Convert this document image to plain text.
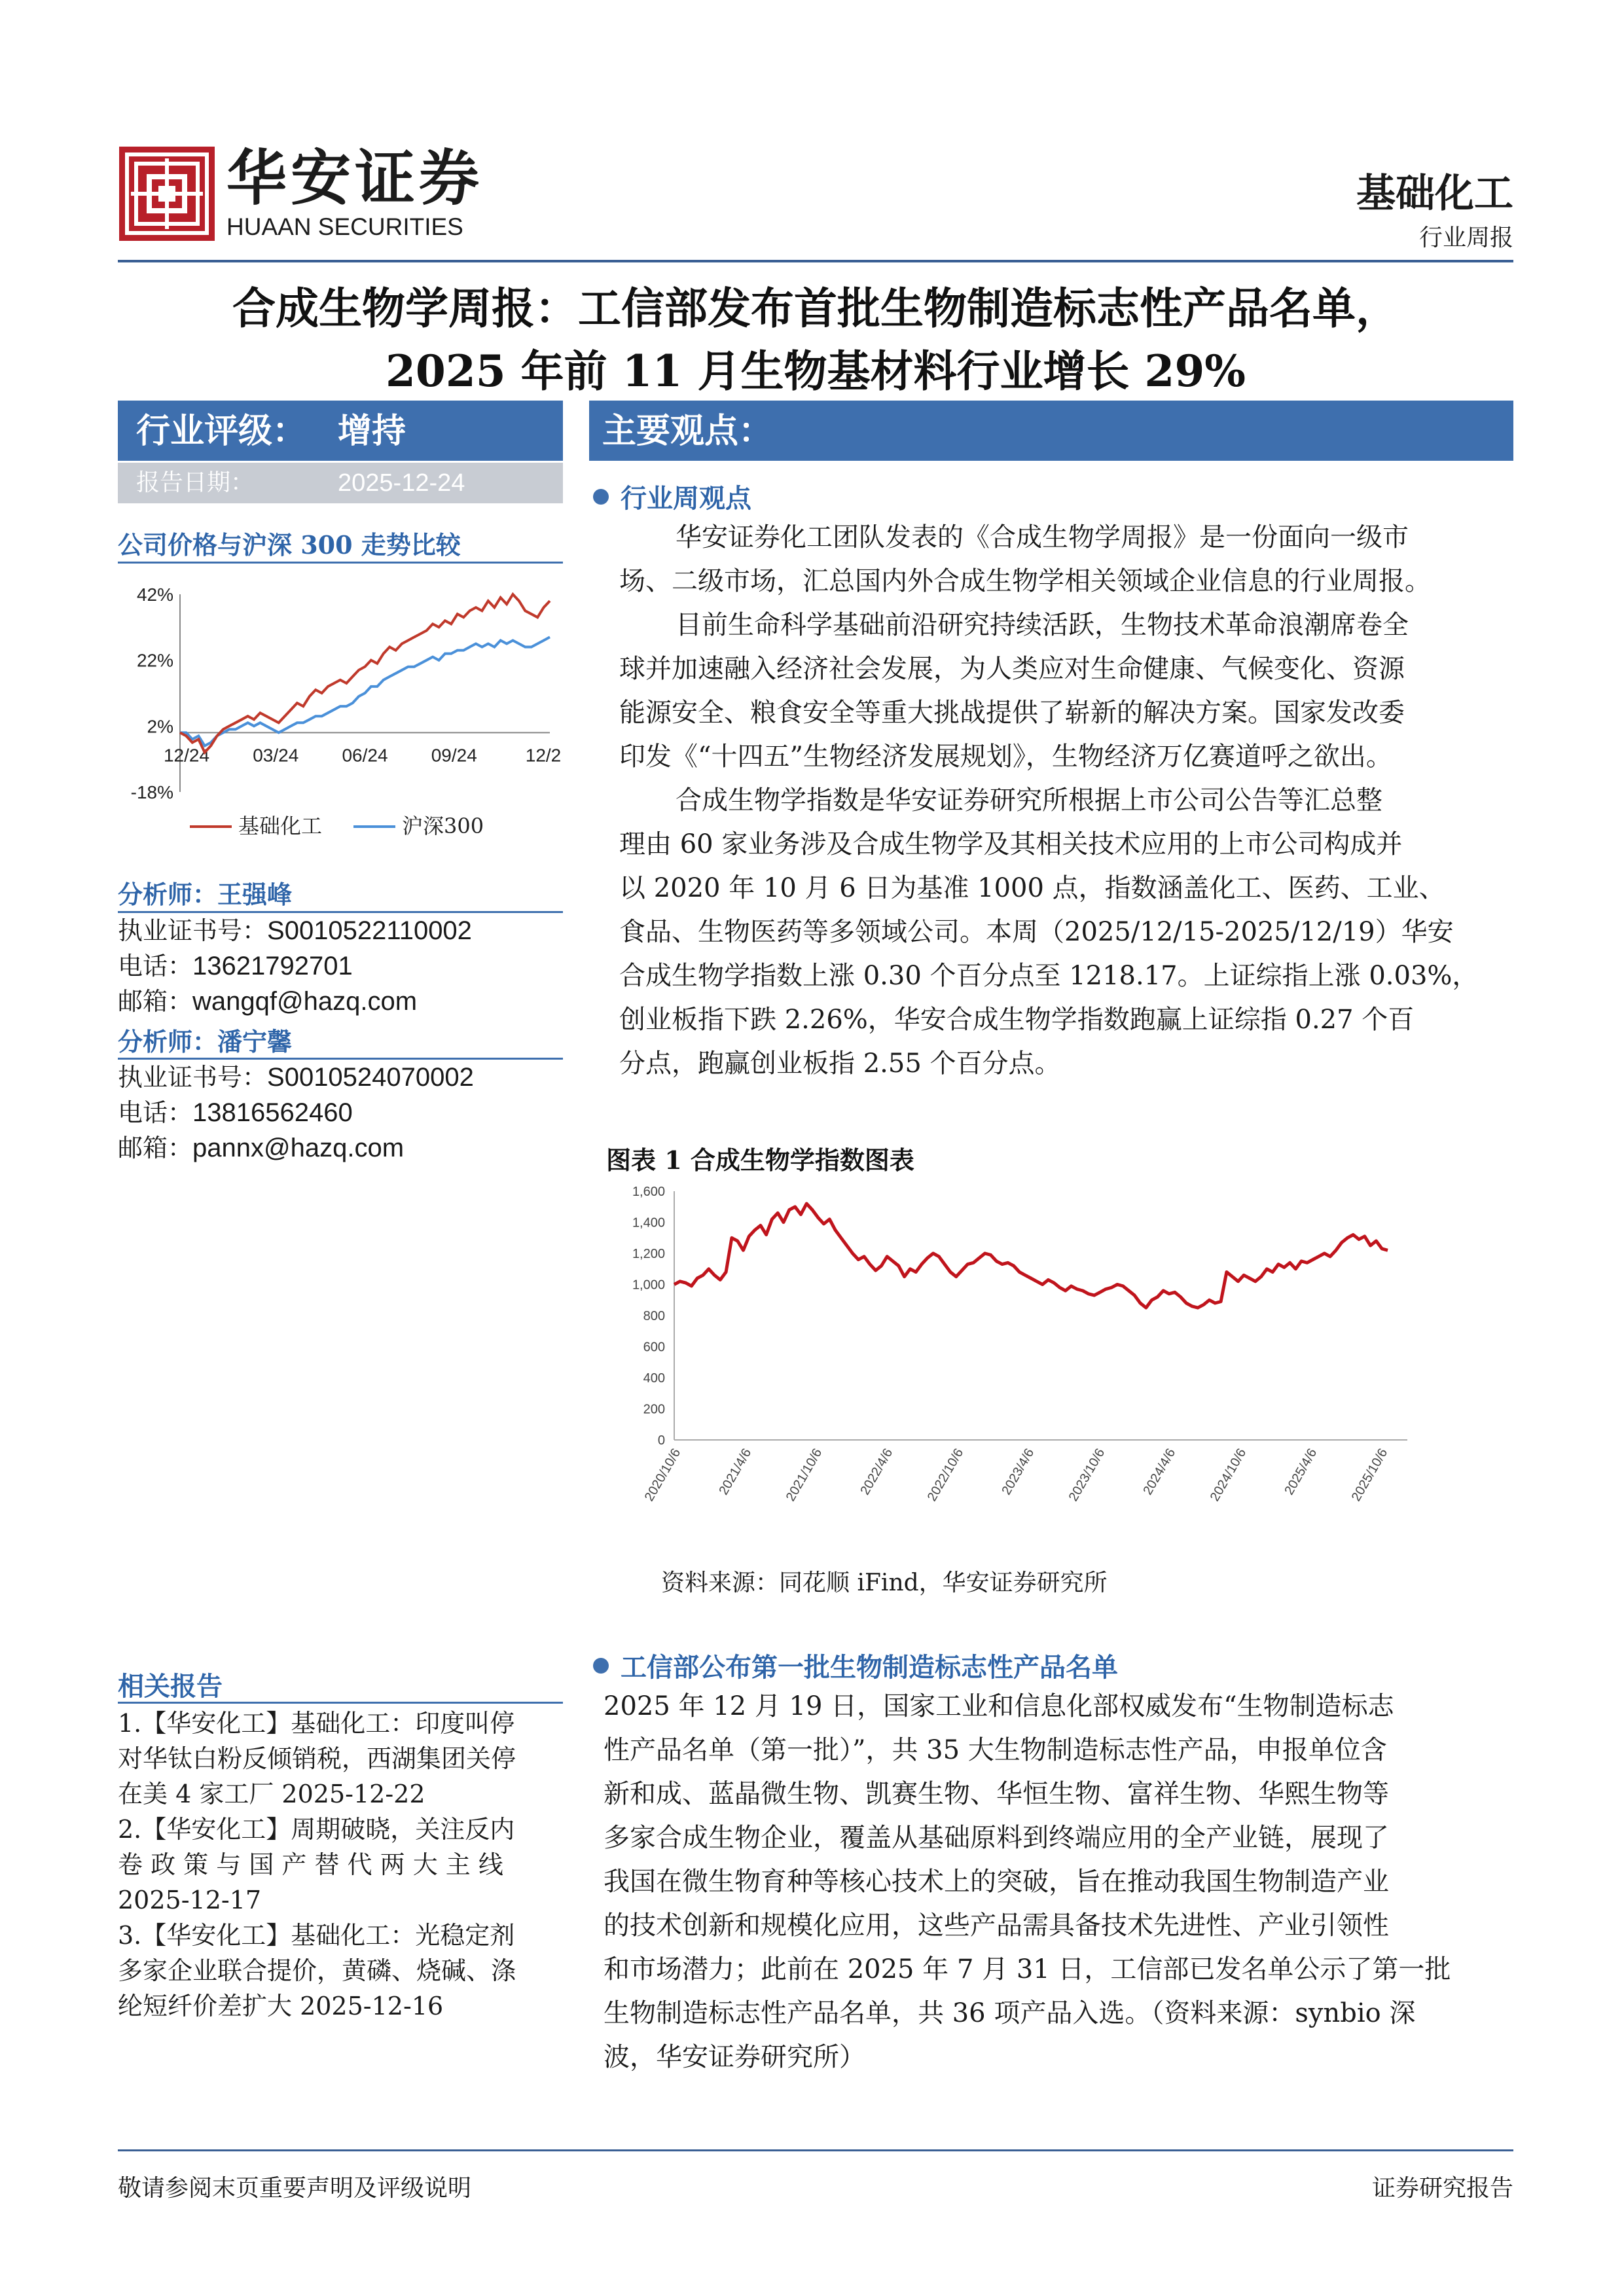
华安证券
HUAAN SECURITIES
基础化工
行业周报
合成生物学周报：工信部发布首批生物制造标志性产品名单，
2025 年前 11 月生物基材料行业增长 29%
行业评级： 增持
报告日期：	2025-12-24
公司价格与沪深 300 走势比较
42%
22%
2%
-18%
12/24 03/24 06/24 09/24	12/2
基础化工	沪深300
分析师：王强峰
执业证书号：S0010522110002
电话：13621792701
邮箱：wangqf@hazq.com
分析师：潘宁馨
执业证书号：S0010524070002
电话：13816562460
邮箱：pannx@hazq.com
相关报告
1.【华安化工】基础化工：印度叫停
对华钛白粉反倾销税，西湖集团关停
在美 4 家工厂 2025-12-22
2.【华安化工】周期破晓，关注反内
卷 政 策 与 国 产 替 代 两 大 主 线
2025-12-17
3.【华安化工】基础化工：光稳定剂
多家企业联合提价，黄磷、烧碱、涤
纶短纤价差扩大 2025-12-16
主要观点：
行业周观点
华安证券化工团队发表的《合成生物学周报》是一份面向一级市
场、二级市场，汇总国内外合成生物学相关领域企业信息的行业周报。
目前生命科学基础前沿研究持续活跃，生物技术革命浪潮席卷全
球并加速融入经济社会发展，为人类应对生命健康、气候变化、资源
能源安全、粮食安全等重大挑战提供了崭新的解决方案。国家发改委
印发《“十四五”生物经济发展规划》，生物经济万亿赛道呼之欲出。
合成生物学指数是华安证券研究所根据上市公司公告等汇总整
理由 60 家业务涉及合成生物学及其相关技术应用的上市公司构成并
以 2020 年 10 月 6 日为基准 1000 点，指数涵盖化工、医药、工业、
食品、生物医药等多领域公司。本周（2025/12/15-2025/12/19）华安
合成生物学指数上涨 0.30 个百分点至 1218.17。上证综指上涨 0.03%，
创业板指下跌 2.26%，华安合成生物学指数跑赢上证综指 0.27 个百
分点，跑赢创业板指 2.55 个百分点。
图表 1 合成生物学指数图表
1,600
1,400
1,200
1,000
800
600
400
200
0
2020/10/6	2021/4/6 2021/10/6	2022/4/6 2022/10/6	2023/4/6 2023/10/6	2024/4/6 2024/10/6	2025/4/6 2025/10/6
资料来源：同花顺 iFind，华安证券研究所
工信部公布第一批生物制造标志性产品名单
2025 年 12 月 19 日，国家工业和信息化部权威发布“生物制造标志
性产品名单（第一批）”，共 35 大生物制造标志性产品，申报单位含
新和成、蓝晶微生物、凯赛生物、华恒生物、富祥生物、华熙生物等
多家合成生物企业，覆盖从基础原料到终端应用的全产业链，展现了
我国在微生物育种等核心技术上的突破，旨在推动我国生物制造产业
的技术创新和规模化应用，这些产品需具备技术先进性、产业引领性
和市场潜力；此前在 2025 年 7 月 31 日，工信部已发名单公示了第一批
生物制造标志性产品名单，共 36 项产品入选。（资料来源：synbio 深
波，华安证券研究所）
敬请参阅末页重要声明及评级说明	证券研究报告
